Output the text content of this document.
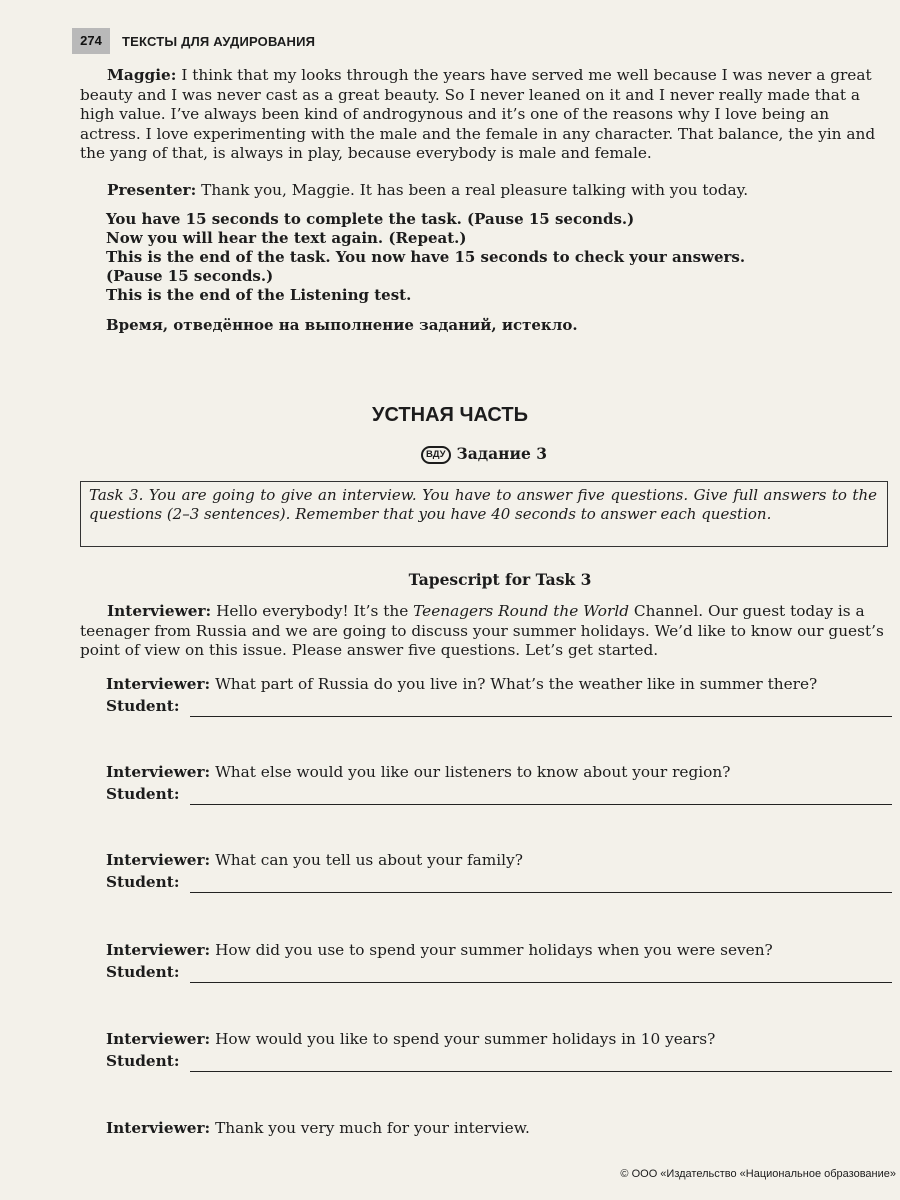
274	ТЕКСТЫ ДЛЯ АУДИРОВАНИЯ

Maggie: I think that my looks through the years have served me well because I was never a great beauty and I was never cast as a great beauty. So I never leaned on it and I never really made that a high value. I’ve always been kind of androgynous and it’s one of the reasons why I love being an actress. I love experimenting with the male and the female in any character. That balance, the yin and the yang of that, is always in play, because everybody is male and female.

Presenter: Thank you, Maggie. It has been a real pleasure talking with you today.

You have 15 seconds to complete the task. (Pause 15 seconds.)
Now you will hear the text again. (Repeat.)
This is the end of the task. You now have 15 seconds to check your answers.
(Pause 15 seconds.)
This is the end of the Listening test.
Время, отведённое на выполнение заданий, истекло.
УСТНАЯ ЧАСТЬ
ВДУ Задание 3
Task 3. You are going to give an interview. You have to answer five questions. Give full answers to the questions (2–3 sentences). Remember that you have 40 seconds to answer each question.
Tapescript for Task 3

Interviewer: Hello everybody! It’s the Teenagers Round the World Channel. Our guest today is a teenager from Russia and we are going to discuss your summer holidays. We’d like to know our guest’s point of view on this issue. Please answer five questions. Let’s get started.

Interviewer: What part of Russia do you live in? What’s the weather like in summer there?
Student:
Interviewer: What else would you like our listeners to know about your region?
Student:
Interviewer: What can you tell us about your family?
Student:
Interviewer: How did you use to spend your summer holidays when you were seven?
Student:
Interviewer: How would you like to spend your summer holidays in 10 years?
Student:
Interviewer: Thank you very much for your interview.
© ООО «Издательство «Национальное образование»
